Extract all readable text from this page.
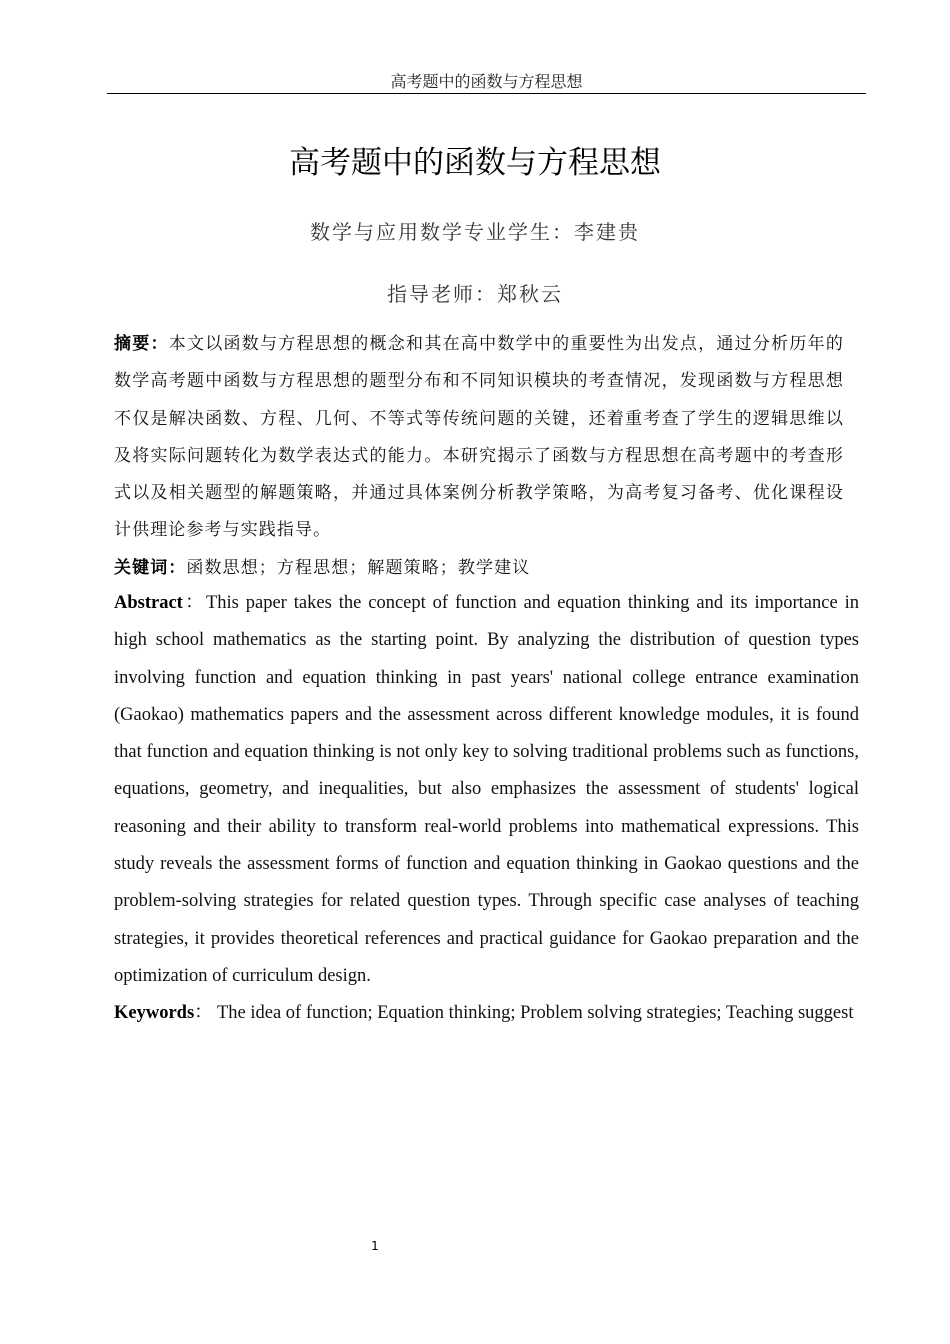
高考题中的函数与方程思想
高考题中的函数与方程思想
数学与应用数学专业学生：李建贵
指导老师：郑秋云
摘要：本文以函数与方程思想的概念和其在高中数学中的重要性为出发点，通过分析历年的数学高考题中函数与方程思想的题型分布和不同知识模块的考查情况，发现函数与方程思想不仅是解决函数、方程、几何、不等式等传统问题的关键，还着重考查了学生的逻辑思维以及将实际问题转化为数学表达式的能力。本研究揭示了函数与方程思想在高考题中的考查形式以及相关题型的解题策略，并通过具体案例分析教学策略，为高考复习备考、优化课程设计供理论参考与实践指导。
关键词：函数思想；方程思想；解题策略；教学建议
Abstract：This paper takes the concept of function and equation thinking and its importance in high school mathematics as the starting point. By analyzing the distribution of question types involving function and equation thinking in past years' national college entrance examination (Gaokao) mathematics papers and the assessment across different knowledge modules, it is found that function and equation thinking is not only key to solving traditional problems such as functions, equations, geometry, and inequalities, but also emphasizes the assessment of students' logical reasoning and their ability to transform real-world problems into mathematical expressions. This study reveals the assessment forms of function and equation thinking in Gaokao questions and the problem-solving strategies for related question types. Through specific case analyses of teaching strategies, it provides theoretical references and practical guidance for Gaokao preparation and the optimization of curriculum design.
Keywords： The idea of function; Equation thinking; Problem solving strategies; Teaching suggest
1
